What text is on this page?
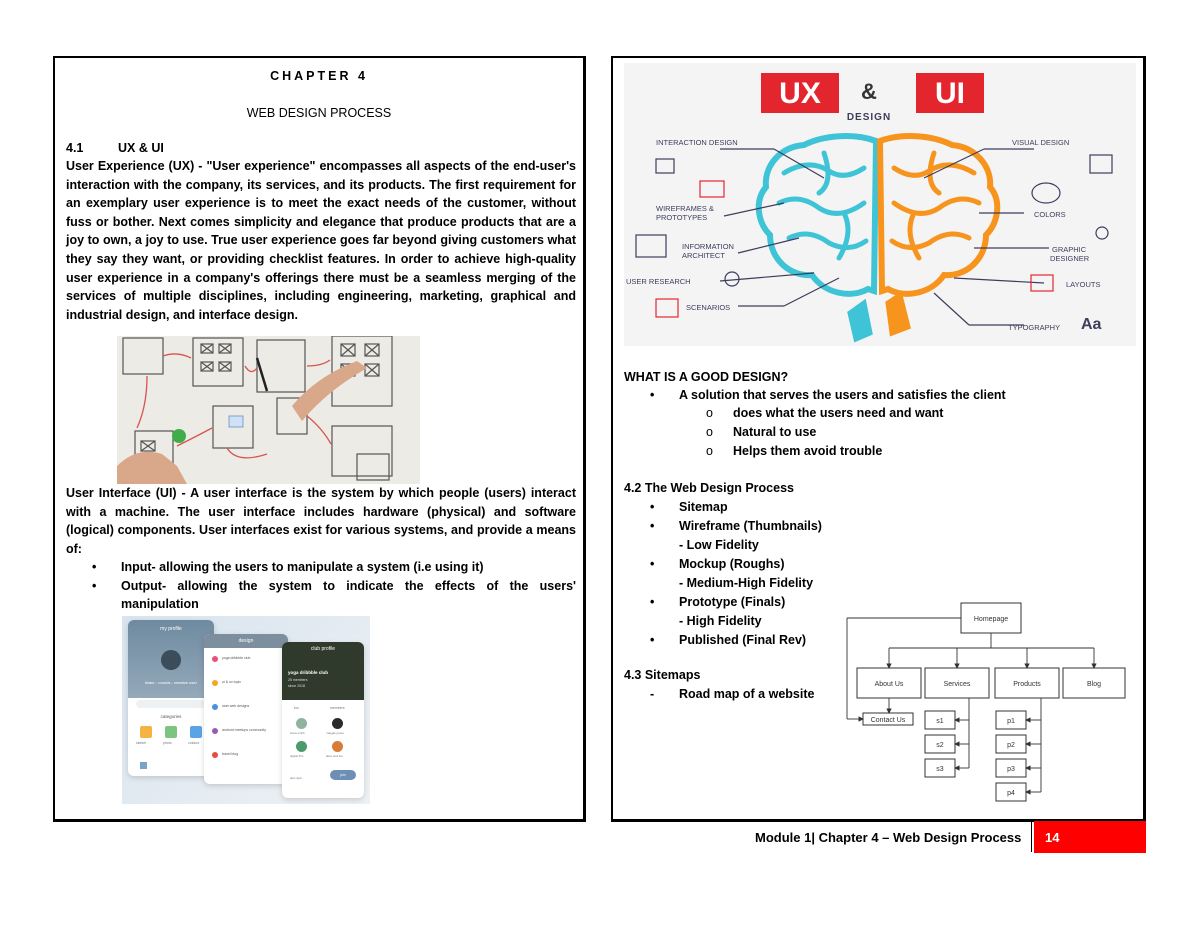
CHAPTER 4
WEB DESIGN PROCESS
4.1	UX & UI
User Experience (UX) - "User experience" encompasses all aspects of the end-user's interaction with the company, its services, and its products. The first requirement for an exemplary user experience is to meet the exact needs of the customer, without fuss or bother. Next comes simplicity and elegance that produce products that are a joy to own, a joy to use. True user experience goes far beyond giving customers what they say they want, or providing checklist features. In order to achieve high-quality user experience in a company's offerings there must be a seamless merging of the services of multiple disciplines, including engineering, marketing, graphical and industrial design, and interface design.
User Interface (UI) - A user interface is the system by which people (users) interact with a machine. The user interface includes hardware (physical) and software (logical) components. User interfaces exist for various systems, and provide a means of:
• Input- allowing the users to manipulate a system (i.e using it)
• Output- allowing the system to indicate the effects of the users' manipulation
my profile
blake - rounds - creative user
categories
sketch	photo	colours
design
yoga dribbble club
ui & ux topic
user web designs
android meetups community
travel blog
club profile
yoga dribbble club
25 members
since 2018
bio	members
anna smith	maggie jones
digital film	alice and fox
alex dyer
join
UX & UI
DESIGN
INTERACTION DESIGN
WIREFRAMES &
PROTOTYPES
INFORMATION
ARCHITECT
USER RESEARCH
SCENARIOS
VISUAL DESIGN
COLORS
GRAPHIC
DESIGNER
LAYOUTS
TYPOGRAPHY Aa
WHAT IS A GOOD DESIGN?
• A solution that serves the users and satisfies the client
o does what the users need and want
o Natural to use
o Helps them avoid trouble
4.2 The Web Design Process
• Sitemap
• Wireframe (Thumbnails)
- Low Fidelity
• Mockup (Roughs)
- Medium-High Fidelity
• Prototype (Finals)
- High Fidelity
• Published (Final Rev)
4.3 Sitemaps
- Road map of a website
Homepage
About Us	Services	Products	Blog
Contact Us	s1
s2
s3
p1
p2
p3
p4
Module 1| Chapter 4 – Web Design Process 14
